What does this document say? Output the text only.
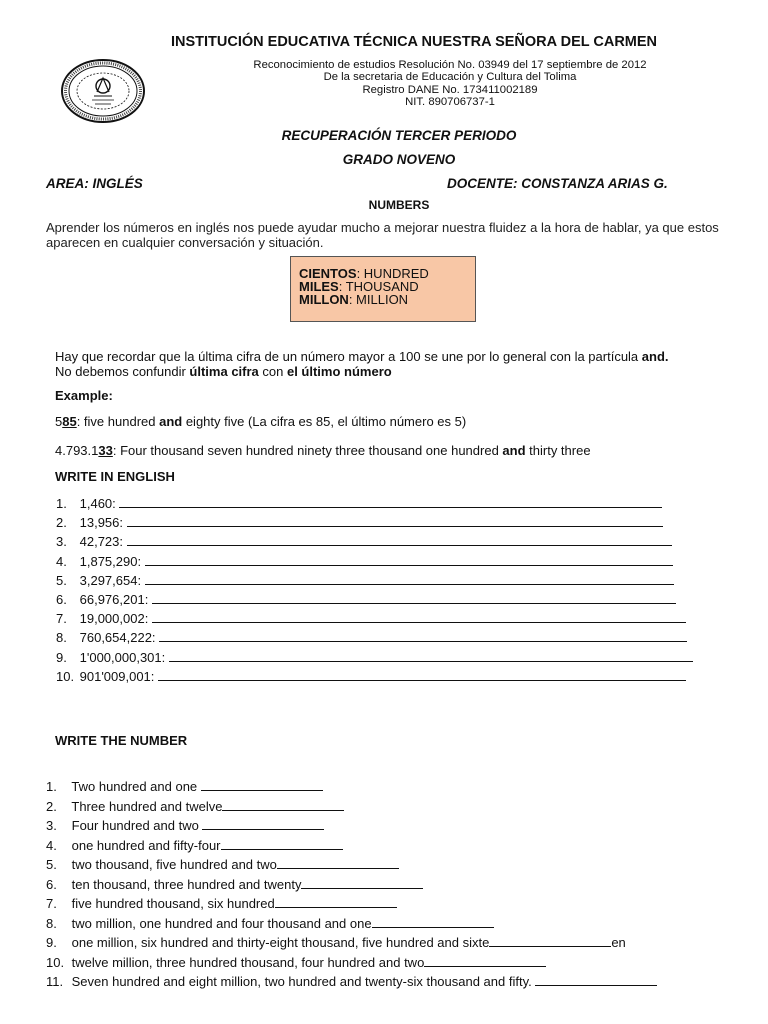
INSTITUCIÓN EDUCATIVA TÉCNICA NUESTRA SEÑORA DEL CARMEN
Reconocimiento de estudios Resolución No. 03949 del 17 septiembre de 2012
De la secretaria de Educación y Cultura del Tolima
Registro DANE No. 173411002189
NIT. 890706737-1
RECUPERACIÓN TERCER PERIODO
GRADO NOVENO
AREA: INGLÉS	DOCENTE: CONSTANZA ARIAS G.
NUMBERS
Aprender los números en inglés nos puede ayudar mucho a mejorar nuestra fluidez a la hora de hablar, ya que estos aparecen en cualquier conversación y situación.
CIENTOS: HUNDRED
MILES: THOUSAND
MILLON: MILLION
Hay que recordar que la última cifra de un número mayor a 100 se une por lo general con la partícula and.
No debemos confundir última cifra con el último número
Example:
585: five hundred and eighty five (La cifra es 85, el último número es 5)
4.793.133: Four thousand seven hundred ninety three thousand one hundred and thirty three
WRITE IN ENGLISH
1. 1,460:
2. 13,956:
3. 42,723:
4. 1,875,290:
5. 3,297,654:
6. 66,976,201:
7. 19,000,002:
8. 760,654,222:
9. 1'000,000,301:
10. 901'009,001:
WRITE THE NUMBER
1. Two hundred and one
2. Three hundred and twelve
3. Four hundred and two
4. one hundred and fifty-four
5. two thousand, five hundred and two
6. ten thousand, three hundred and twenty
7. five hundred thousand, six hundred
8. two million, one hundred and four thousand and one
9. one million, six hundred and thirty-eight thousand, five hundred and sixte	en
10. twelve million, three hundred thousand, four hundred and two
11. Seven hundred and eight million, two hundred and twenty-six thousand and fifty.
